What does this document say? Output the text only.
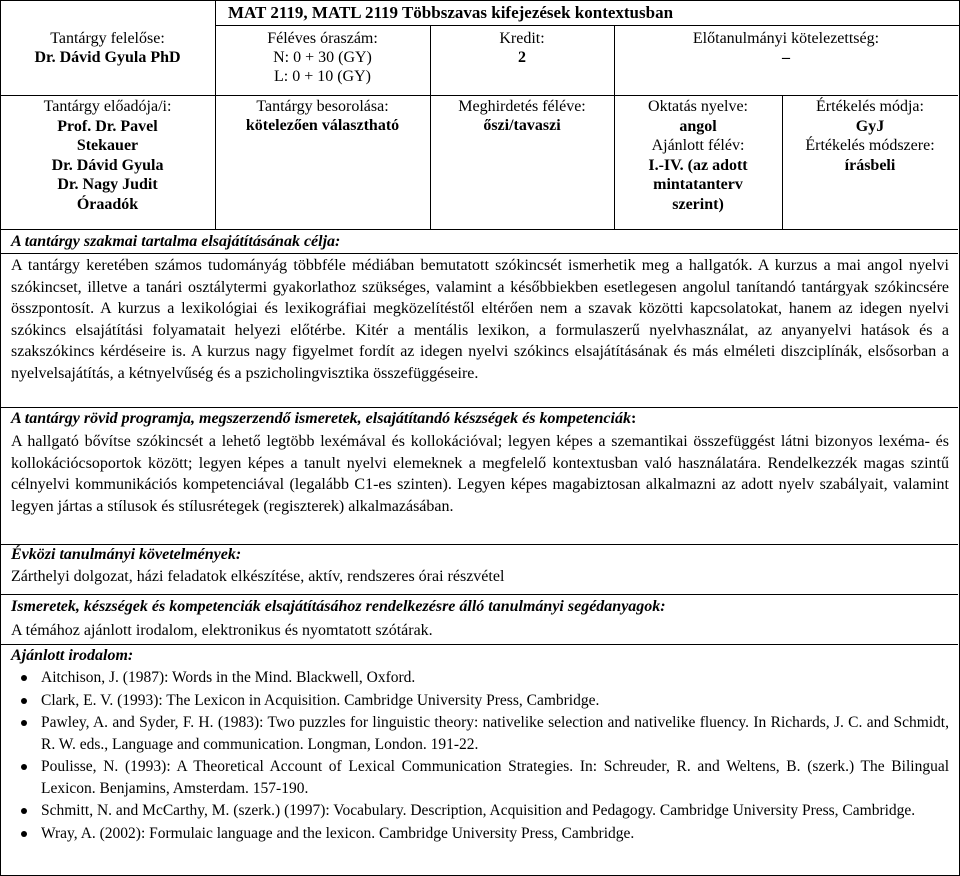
MAT 2119, MATL 2119 Többszavas kifejezések kontextusban
Tantárgy felelőse:
Dr. Dávid Gyula PhD
Féléves óraszám:
N: 0 + 30 (GY)
L: 0 + 10 (GY)
Kredit:
2
Előtanulmányi kötelezettség:
–
Tantárgy előadója/i:
Prof. Dr. Pavel
Stekauer
Dr. Dávid Gyula
Dr. Nagy Judit
Óraadók
Tantárgy besorolása:
kötelezően választható
Meghirdetés féléve:
őszi/tavaszi
Oktatás nyelve:
angol
Ajánlott félév:
I.-IV. (az adott
mintatanterv
szerint)
Értékelés módja:
GyJ
Értékelés módszere:
írásbeli
A tantárgy szakmai tartalma elsajátításának célja:
A tantárgy keretében számos tudományág többféle médiában bemutatott szókincsét ismerhetik meg a hallgatók. A kurzus a mai angol nyelvi szókincset, illetve a tanári osztálytermi gyakorlathoz szükséges, valamint a későbbiekben esetlegesen angolul tanítandó tantárgyak szókincsére összpontosít. A kurzus a lexikológiai és lexikográfiai megközelítéstől eltérően nem a szavak közötti kapcsolatokat, hanem az idegen nyelvi szókincs elsajátítási folyamatait helyezi előtérbe. Kitér a mentális lexikon, a formulaszerű nyelvhasználat, az anyanyelvi hatások és a szakszókincs kérdéseire is. A kurzus nagy figyelmet fordít az idegen nyelvi szókincs elsajátításának és más elméleti diszciplínák, elsősorban a nyelvelsajátítás, a kétnyelvűség és a pszicholingvisztika összefüggéseire.
A tantárgy rövid programja, megszerzendő ismeretek, elsajátítandó készségek és kompetenciák:
A hallgató bővítse szókincsét a lehető legtöbb lexémával és kollokációval; legyen képes a szemantikai összefüggést látni bizonyos lexéma- és kollokációcsoportok között; legyen képes a tanult nyelvi elemeknek a megfelelő kontextusban való használatára. Rendelkezzék magas szintű célnyelvi kommunikációs kompetenciával (legalább C1-es szinten). Legyen képes magabiztosan alkalmazni az adott nyelv szabályait, valamint legyen jártas a stílusok és stílusrétegek (regiszterek) alkalmazásában.
Évközi tanulmányi követelmények:
Zárthelyi dolgozat, házi feladatok elkészítése, aktív, rendszeres órai részvétel
Ismeretek, készségek és kompetenciák elsajátításához rendelkezésre álló tanulmányi segédanyagok:
A témához ajánlott irodalom, elektronikus és nyomtatott szótárak.
Ajánlott irodalom:
Aitchison, J. (1987): Words in the Mind. Blackwell, Oxford.
Clark, E. V. (1993): The Lexicon in Acquisition. Cambridge University Press, Cambridge.
Pawley, A. and Syder, F. H. (1983): Two puzzles for linguistic theory: nativelike selection and nativelike fluency. In Richards, J. C. and Schmidt, R. W. eds., Language and communication. Longman, London. 191-22.
Poulisse, N. (1993): A Theoretical Account of Lexical Communication Strategies. In: Schreuder, R. and Weltens, B. (szerk.) The Bilingual Lexicon. Benjamins, Amsterdam. 157-190.
Schmitt, N. and McCarthy, M. (szerk.) (1997): Vocabulary. Description, Acquisition and Pedagogy. Cambridge University Press, Cambridge.
Wray, A. (2002): Formulaic language and the lexicon. Cambridge University Press, Cambridge.
